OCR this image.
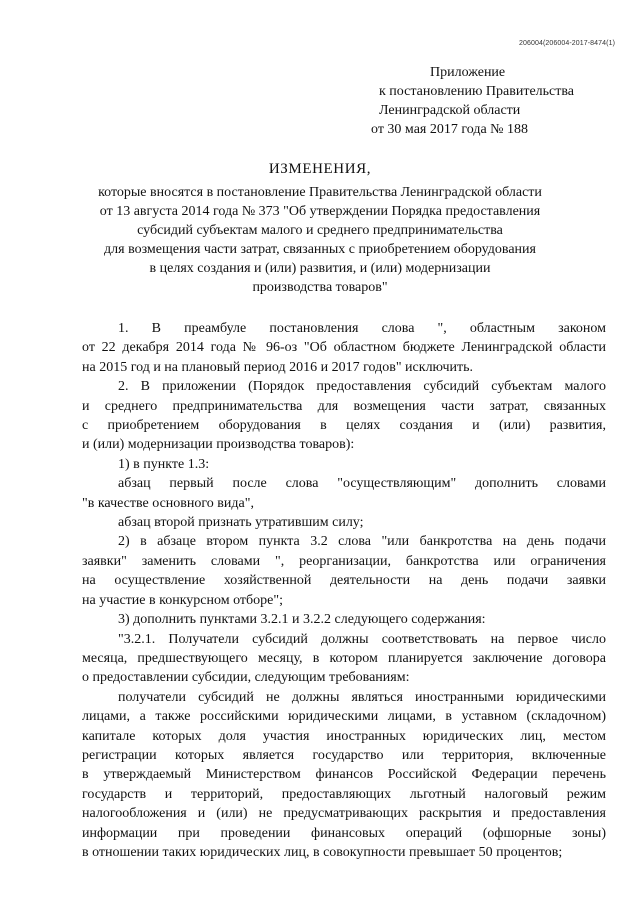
206004(206004-2017-8474(1)
Приложение
к постановлению Правительства
Ленинградской области
от 30 мая 2017 года № 188
ИЗМЕНЕНИЯ,
которые вносятся в постановление Правительства Ленинградской области
от 13 августа 2014 года № 373 "Об утверждении Порядка предоставления
субсидий субъектам малого и среднего предпринимательства
для возмещения части затрат, связанных с приобретением оборудования
в целях создания и (или) развития, и (или) модернизации
производства товаров"
1. В преамбуле постановления слова ", областным законом
от 22 декабря 2014 года № 96-оз "Об областном бюджете Ленинградской области
на 2015 год и на плановый период 2016 и 2017 годов" исключить.
2. В приложении (Порядок предоставления субсидий субъектам малого
и среднего предпринимательства для возмещения части затрат, связанных
с приобретением оборудования в целях создания и (или) развития,
и (или) модернизации производства товаров):
1) в пункте 1.3:
абзац первый после слова "осуществляющим" дополнить словами
"в качестве основного вида",
абзац второй признать утратившим силу;
2) в абзаце втором пункта 3.2 слова "или банкротства на день подачи
заявки" заменить словами ", реорганизации, банкротства или ограничения
на осуществление хозяйственной деятельности на день подачи заявки
на участие в конкурсном отборе";
3) дополнить пунктами 3.2.1 и 3.2.2 следующего содержания:
"3.2.1. Получатели субсидий должны соответствовать на первое число
месяца, предшествующего месяцу, в котором планируется заключение договора
о предоставлении субсидии, следующим требованиям:
получатели субсидий не должны являться иностранными юридическими
лицами, а также российскими юридическими лицами, в уставном (складочном)
капитале которых доля участия иностранных юридических лиц, местом
регистрации которых является государство или территория, включенные
в утверждаемый Министерством финансов Российской Федерации перечень
государств и территорий, предоставляющих льготный налоговый режим
налогообложения и (или) не предусматривающих раскрытия и предоставления
информации при проведении финансовых операций (офшорные зоны)
в отношении таких юридических лиц, в совокупности превышает 50 процентов;
